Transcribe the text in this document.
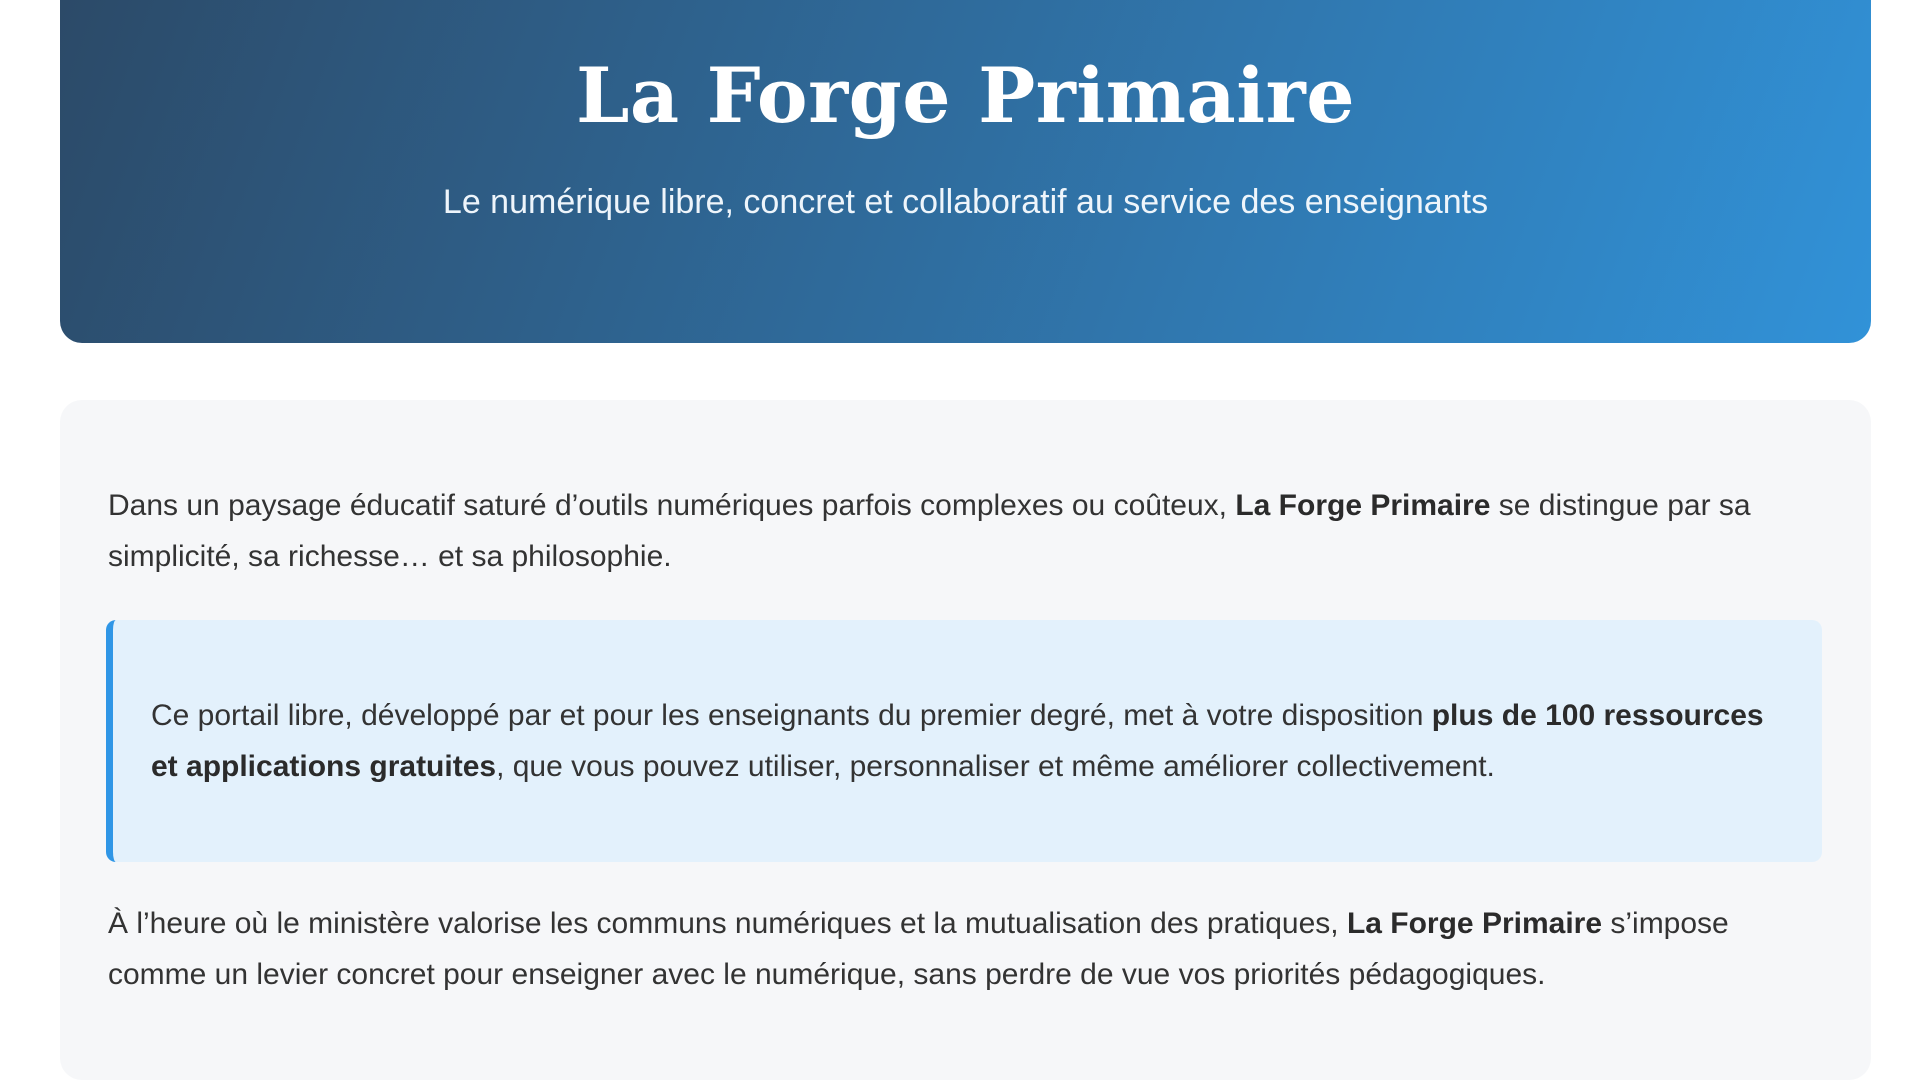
La Forge Primaire

Le numérique libre, concret et collaboratif au service des enseignants

Dans un paysage éducatif saturé d’outils numériques parfois complexes ou coûteux, La Forge Primaire se distingue par sa simplicité, sa richesse… et sa philosophie.

Ce portail libre, développé par et pour les enseignants du premier degré, met à votre disposition plus de 100 ressources et applications gratuites, que vous pouvez utiliser, personnaliser et même améliorer collectivement.

À l’heure où le ministère valorise les communs numériques et la mutualisation des pratiques, La Forge Primaire s’impose comme un levier concret pour enseigner avec le numérique, sans perdre de vue vos priorités pédagogiques.
